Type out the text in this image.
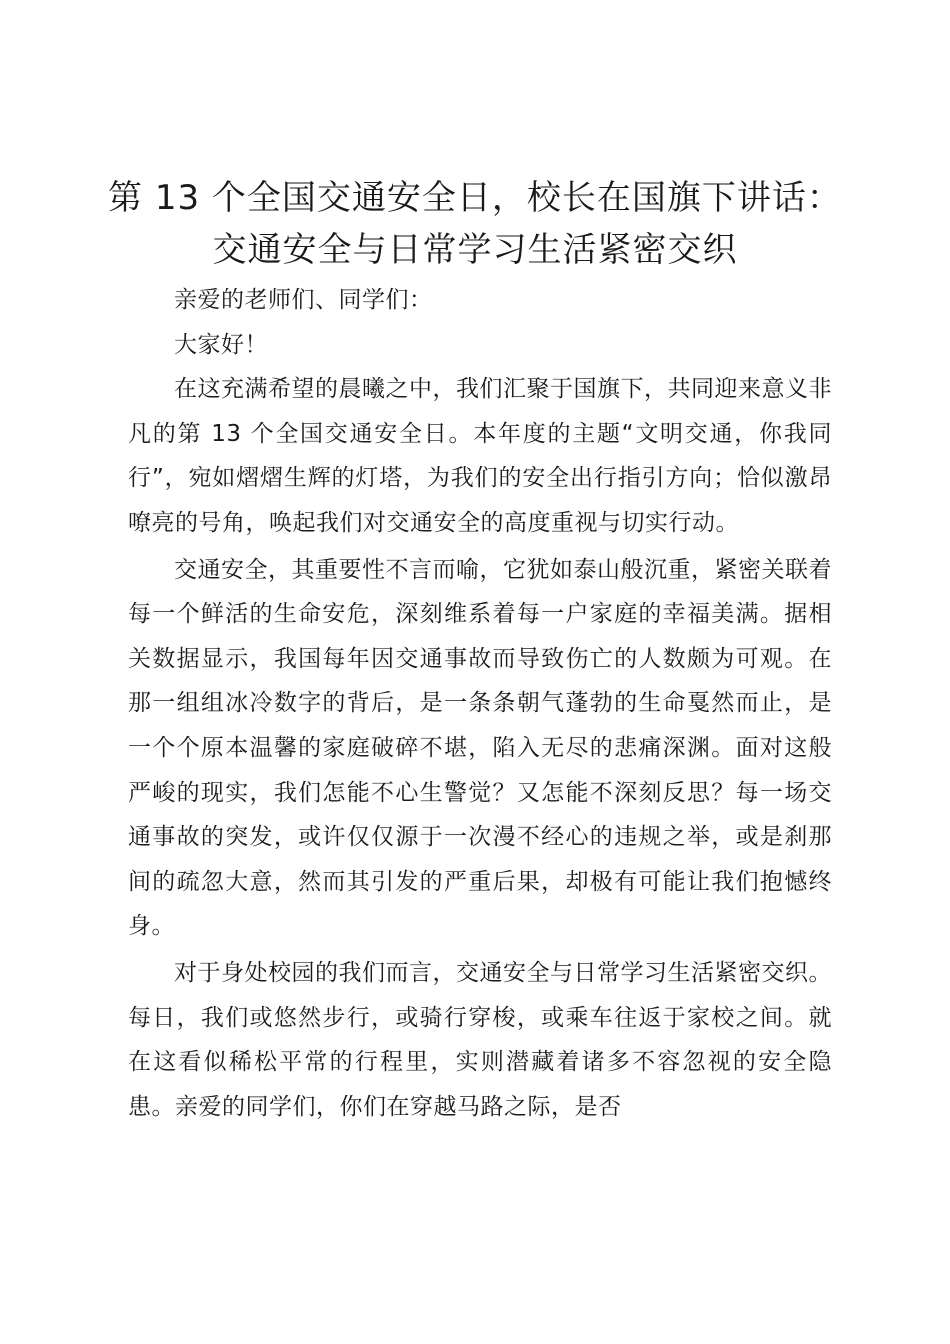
第 13 个全国交通安全日，校长在国旗下讲话：
交通安全与日常学习生活紧密交织

亲爱的老师们、同学们：

大家好！

在这充满希望的晨曦之中，我们汇聚于国旗下，共同迎来意义非凡的第 13 个全国交通安全日。本年度的主题“文明交通，你我同行”，宛如熠熠生辉的灯塔，为我们的安全出行指引方向；恰似激昂嘹亮的号角，唤起我们对交通安全的高度重视与切实行动。

交通安全，其重要性不言而喻，它犹如泰山般沉重，紧密关联着每一个鲜活的生命安危，深刻维系着每一户家庭的幸福美满。据相关数据显示，我国每年因交通事故而导致伤亡的人数颇为可观。在那一组组冰冷数字的背后，是一条条朝气蓬勃的生命戛然而止，是一个个原本温馨的家庭破碎不堪，陷入无尽的悲痛深渊。面对这般严峻的现实，我们怎能不心生警觉？又怎能不深刻反思？每一场交通事故的突发，或许仅仅源于一次漫不经心的违规之举，或是刹那间的疏忽大意，然而其引发的严重后果，却极有可能让我们抱憾终身。

对于身处校园的我们而言，交通安全与日常学习生活紧密交织。每日，我们或悠然步行，或骑行穿梭，或乘车往返于家校之间。就在这看似稀松平常的行程里，实则潜藏着诸多不容忽视的安全隐患。亲爱的同学们，你们在穿越马路之际，是否
